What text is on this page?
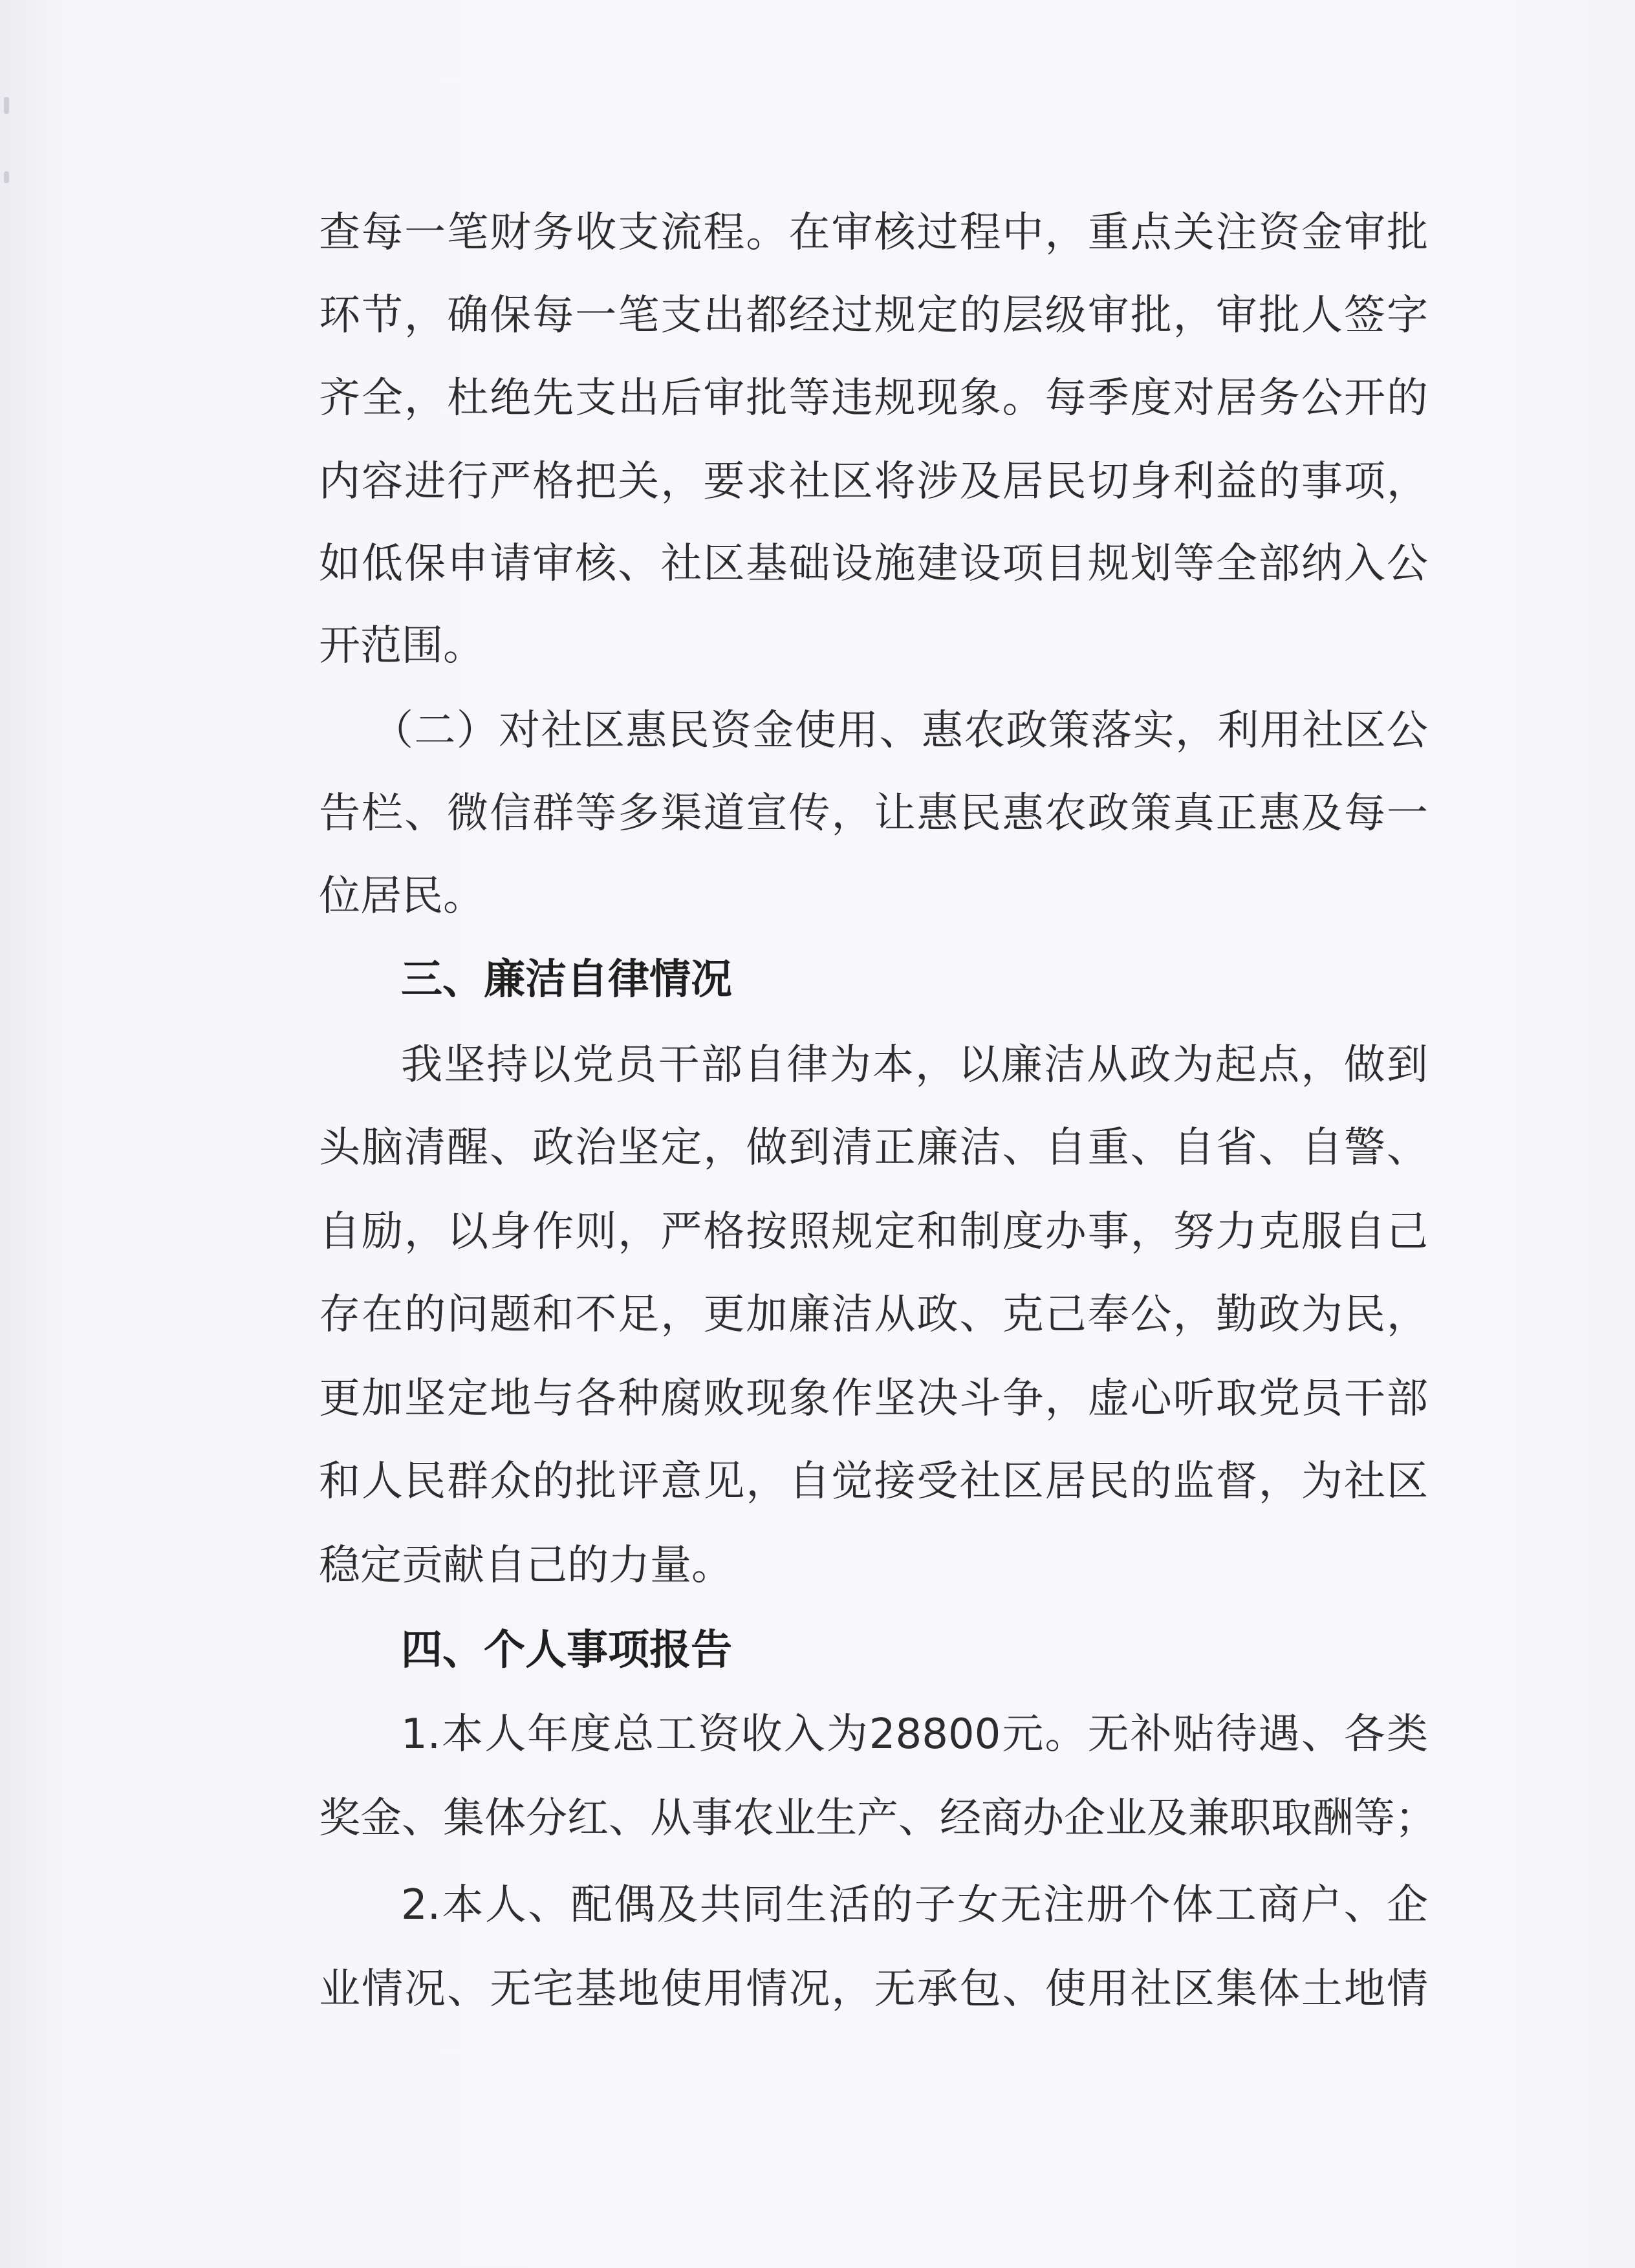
查每一笔财务收支流程。在审核过程中，重点关注资金审批
环节，确保每一笔支出都经过规定的层级审批，审批人签字
齐全，杜绝先支出后审批等违规现象。每季度对居务公开的
内容进行严格把关，要求社区将涉及居民切身利益的事项，
如低保申请审核、社区基础设施建设项目规划等全部纳入公
开范围。
（二）对社区惠民资金使用、惠农政策落实，利用社区公
告栏、微信群等多渠道宣传，让惠民惠农政策真正惠及每一
位居民。
三、廉洁自律情况
我坚持以党员干部自律为本，以廉洁从政为起点，做到
头脑清醒、政治坚定，做到清正廉洁、自重、自省、自警、
自励，以身作则，严格按照规定和制度办事，努力克服自己
存在的问题和不足，更加廉洁从政、克己奉公，勤政为民，
更加坚定地与各种腐败现象作坚决斗争，虚心听取党员干部
和人民群众的批评意见，自觉接受社区居民的监督，为社区
稳定贡献自己的力量。
四、个人事项报告
1.本人年度总工资收入为28800元。无补贴待遇、各类
奖金、集体分红、从事农业生产、经商办企业及兼职取酬等；
2.本人、配偶及共同生活的子女无注册个体工商户、企
业情况、无宅基地使用情况，无承包、使用社区集体土地情
